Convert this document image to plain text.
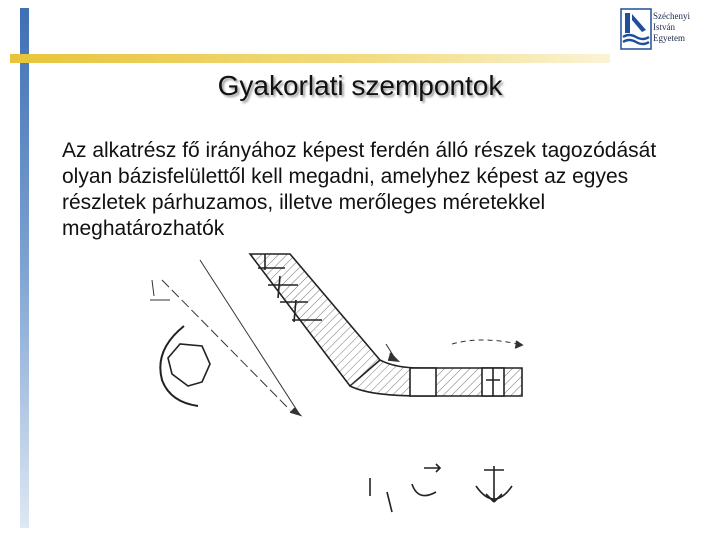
Széchenyi
István
Egyetem
Gyakorlati szempontok
Az alkatrész fő irányához képest ferdén álló részek tagozódását olyan bázisfelülettől kell megadni, amelyhez képest az egyes részletek párhuzamos, illetve merőleges méretekkel meghatározhatók
